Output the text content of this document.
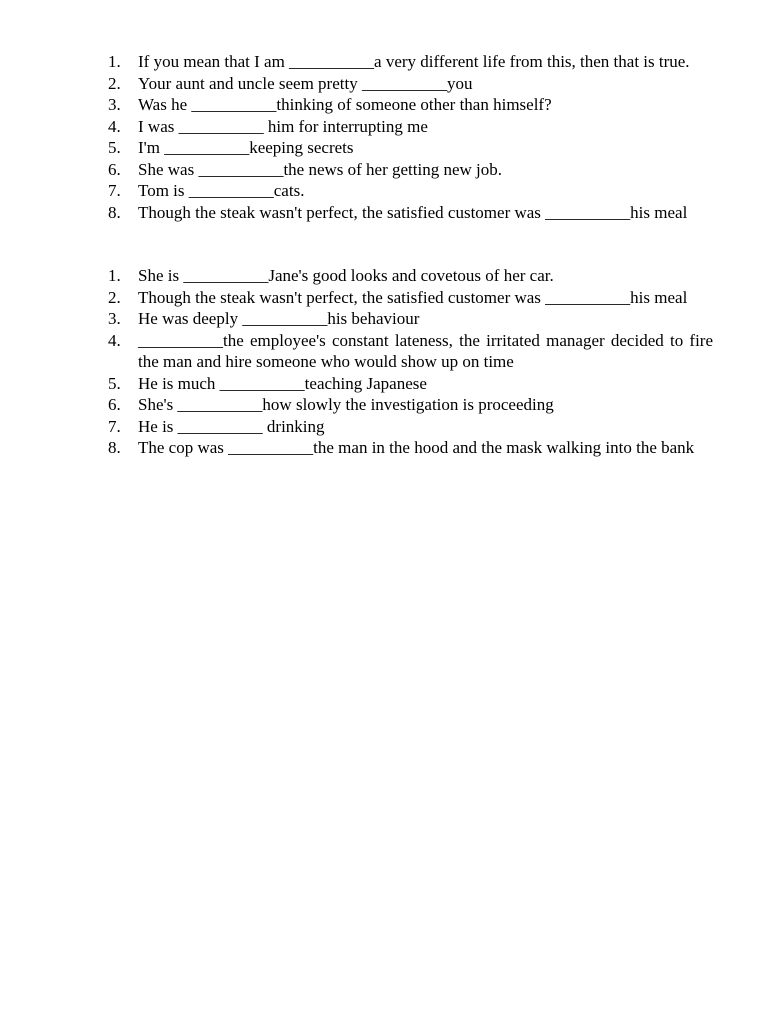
1.	If you mean that I am __________a very different life from this, then that is true.
2.	Your aunt and uncle seem pretty __________you
3.	Was he __________thinking of someone other than himself?
4.	I was __________ him for interrupting me
5.	I'm __________keeping secrets
6.	She was __________the news of her getting new job.
7.	Tom is __________cats.
8.	Though the steak wasn't perfect, the satisfied customer was __________his meal
1.	She is __________Jane's good looks and covetous of her car.
2.	Though the steak wasn't perfect, the satisfied customer was __________his meal
3.	He was deeply __________his behaviour
4.	__________the employee's constant lateness, the irritated manager decided to fire the man and hire someone who would show up on time
5.	He is much __________teaching Japanese
6.	She's __________how slowly the investigation is proceeding
7.	He is __________ drinking
8.	The cop was __________the man in the hood and the mask walking into the bank
